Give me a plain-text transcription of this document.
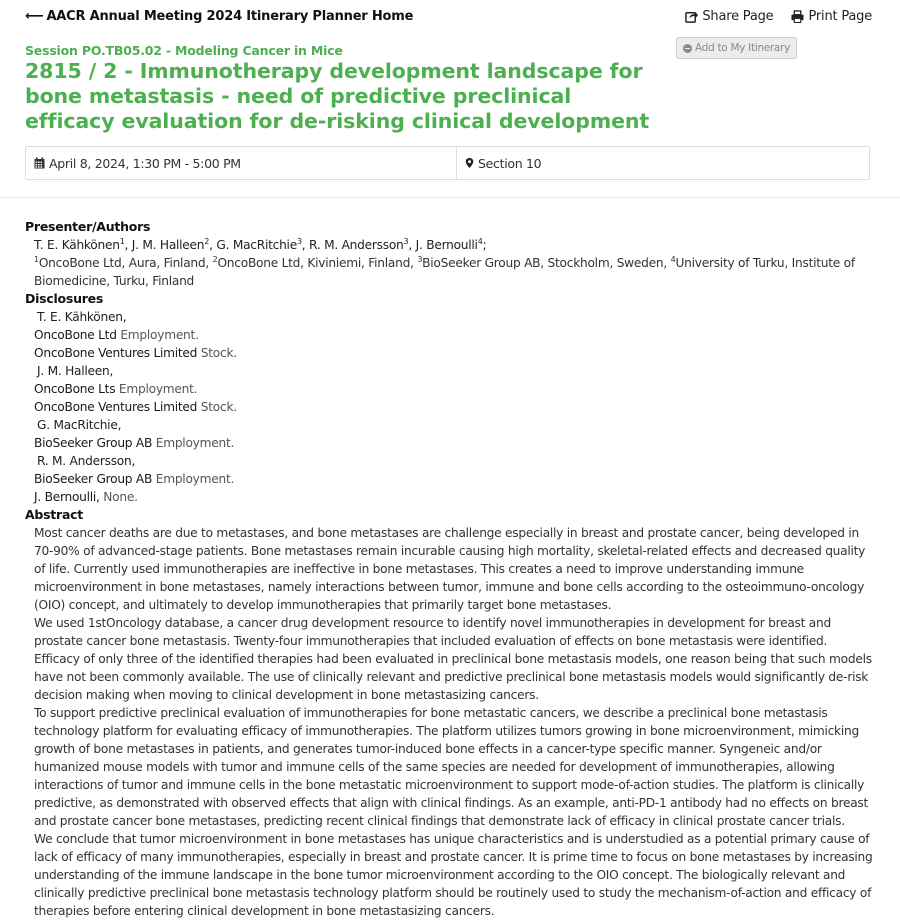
⟵ AACR Annual Meeting 2024 Itinerary Planner Home	Share Page	Print Page
Add to My Itinerary
Session PO.TB05.02 - Modeling Cancer in Mice
2815 / 2 - Immunotherapy development landscape for bone metastasis - need of predictive preclinical efficacy evaluation for de-risking clinical development
April 8, 2024, 1:30 PM - 5:00 PM	Section 10
Presenter/Authors
T. E. Kähkönen$^1$, J. M. Halleen$^2$, G. MacRitchie$^3$, R. M. Andersson$^3$, J. Bernoulli$^4$;
$^1$OncoBone Ltd, Aura, Finland, $^2$OncoBone Ltd, Kiviniemi, Finland, $^3$BioSeeker Group AB, Stockholm, Sweden, $^4$University of Turku, Institute of Biomedicine, Turku, Finland
Disclosures
T. E. Kähkönen,
OncoBone Ltd Employment.
OncoBone Ventures Limited Stock.
J. M. Halleen,
OncoBone Lts Employment.
OncoBone Ventures Limited Stock.
G. MacRitchie,
BioSeeker Group AB Employment.
R. M. Andersson,
BioSeeker Group AB Employment.
J. Bernoulli, None.
Abstract

Most cancer deaths are due to metastases, and bone metastases are challenge especially in breast and prostate cancer, being developed in 70-90% of advanced-stage patients. Bone metastases remain incurable causing high mortality, skeletal-related effects and decreased quality of life. Currently used immunotherapies are ineffective in bone metastases. This creates a need to improve understanding immune microenvironment in bone metastases, namely interactions between tumor, immune and bone cells according to the osteoimmuno-oncology (OIO) concept, and ultimately to develop immunotherapies that primarily target bone metastases.

We used 1stOncology database, a cancer drug development resource to identify novel immunotherapies in development for breast and prostate cancer bone metastasis. Twenty-four immunotherapies that included evaluation of effects on bone metastasis were identified. Efficacy of only three of the identified therapies had been evaluated in preclinical bone metastasis models, one reason being that such models have not been commonly available. The use of clinically relevant and predictive preclinical bone metastasis models would significantly de-risk decision making when moving to clinical development in bone metastasizing cancers.

To support predictive preclinical evaluation of immunotherapies for bone metastatic cancers, we describe a preclinical bone metastasis technology platform for evaluating efficacy of immunotherapies. The platform utilizes tumors growing in bone microenvironment, mimicking growth of bone metastases in patients, and generates tumor-induced bone effects in a cancer-type specific manner. Syngeneic and/or humanized mouse models with tumor and immune cells of the same species are needed for development of immunotherapies, allowing interactions of tumor and immune cells in the bone metastatic microenvironment to support mode-of-action studies. The platform is clinically predictive, as demonstrated with observed effects that align with clinical findings. As an example, anti-PD-1 antibody had no effects on breast and prostate cancer bone metastases, predicting recent clinical findings that demonstrate lack of efficacy in clinical prostate cancer trials.

We conclude that tumor microenvironment in bone metastases has unique characteristics and is understudied as a potential primary cause of lack of efficacy of many immunotherapies, especially in breast and prostate cancer. It is prime time to focus on bone metastases by increasing understanding of the immune landscape in the bone tumor microenvironment according to the OIO concept. The biologically relevant and clinically predictive preclinical bone metastasis technology platform should be routinely used to study the mechanism-of-action and efficacy of therapies before entering clinical development in bone metastasizing cancers.
